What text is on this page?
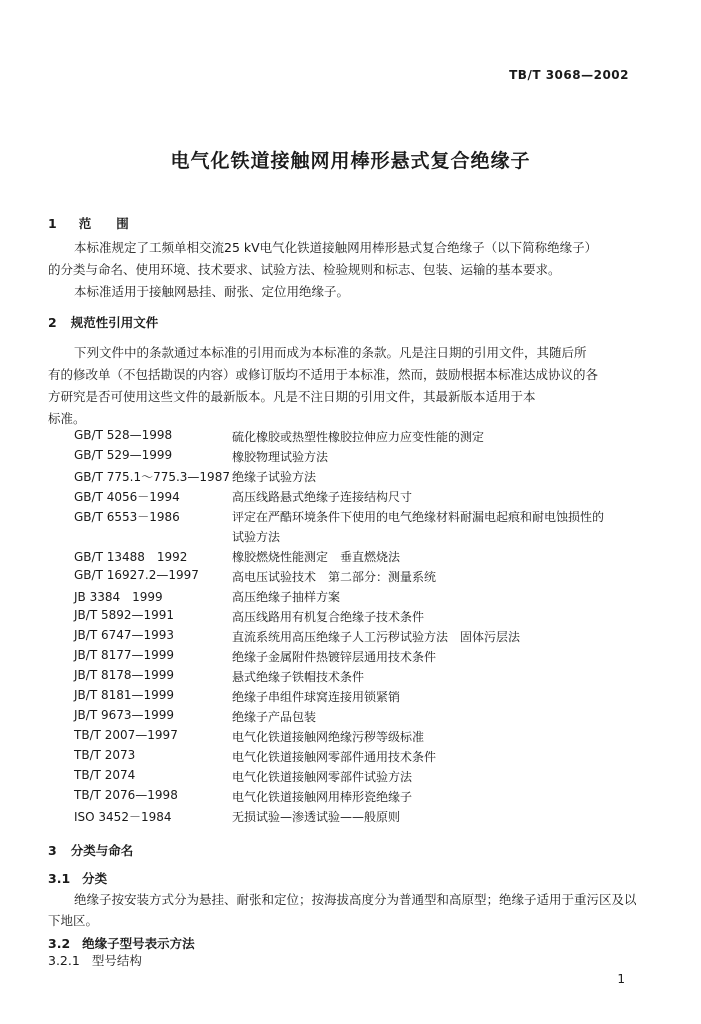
TB/T 3068—2002
电气化铁道接触网用棒形悬式复合绝缘子
1 范　　围
本标准规定了工频单相交流25 kV电气化铁道接触网用棒形悬式复合绝缘子（以下简称绝缘子）
的分类与命名、使用环境、技术要求、试验方法、检验规则和标志、包装、运输的基本要求。
本标准适用于接触网悬挂、耐张、定位用绝缘子。
2 规范性引用文件
下列文件中的条款通过本标准的引用而成为本标准的条款。凡是注日期的引用文件，其随后所
有的修改单（不包括勘误的内容）或修订版均不适用于本标准，然而，鼓励根据本标准达成协议的各
方研究是否可使用这些文件的最新版本。凡是不注日期的引用文件，其最新版本适用于本
标准。
GB/T 528—1998	硫化橡胶或热塑性橡胶拉伸应力应变性能的测定
GB/T 529—1999	橡胶物理试验方法
GB/T 775.1～775.3—1987 绝缘子试验方法
GB/T 4056－1994	高压线路悬式绝缘子连接结构尺寸
GB/T 6553－1986	评定在严酷环境条件下使用的电气绝缘材料耐漏电起痕和耐电蚀损性的
试验方法
GB/T 13488　1992	橡胶燃烧性能测定　垂直燃烧法
GB/T 16927.2—1997	高电压试验技术　第二部分：测量系统
JB 3384　1999	高压绝缘子抽样方案
JB/T 5892—1991	高压线路用有机复合绝缘子技术条件
JB/T 6747—1993	直流系统用高压绝缘子人工污秽试验方法　固体污层法
JB/T 8177—1999	绝缘子金属附件热镀锌层通用技术条件
JB/T 8178—1999	悬式绝缘子铁帽技术条件
JB/T 8181—1999	绝缘子串组件球窝连接用锁紧销
JB/T 9673—1999	绝缘子产品包装
TB/T 2007—1997	电气化铁道接触网绝缘污秽等级标准
TB/T 2073	电气化铁道接触网零部件通用技术条件
TB/T 2074	电气化铁道接触网零部件试验方法
TB/T 2076—1998	电气化铁道接触网用棒形瓷绝缘子
ISO 3452－1984	无损试验—渗透试验——般原则
3 分类与命名
3.1 分类
绝缘子按安装方式分为悬挂、耐张和定位；按海拔高度分为普通型和高原型；绝缘子适用于重污区及以
下地区。
3.2 绝缘子型号表示方法
3.2.1 型号结构
1
